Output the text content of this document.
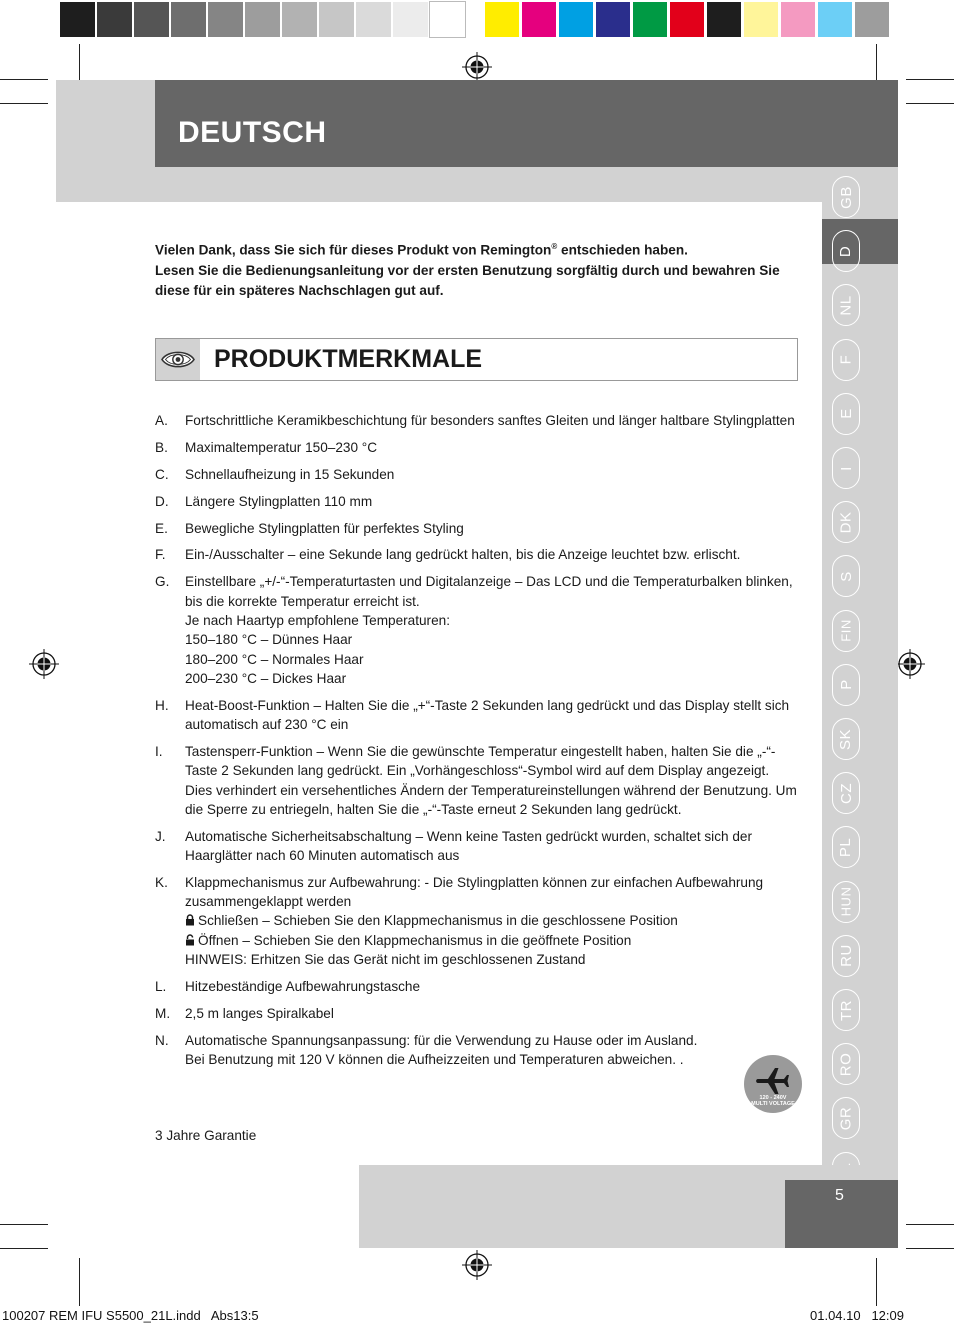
DEUTSCH
GB
D
NL
F
E
I
DK
S
FIN
P
SK
CZ
PL
HUN
RU
TR
RO
GR
AE
Vielen Dank, dass Sie sich für dieses Produkt von Remington® entschieden haben.
Lesen Sie die Bedienungsanleitung vor der ersten Benutzung sorgfältig durch und bewahren Sie diese für ein späteres Nachschlagen gut auf.
PRODUKTMERKMALE
A. Fortschrittliche Keramikbeschichtung für besonders sanftes Gleiten und länger haltbare Stylingplatten
B. Maximaltemperatur 150–230 °C
C. Schnellaufheizung in 15 Sekunden
D. Längere Stylingplatten 110 mm
E. Bewegliche Stylingplatten für perfektes Styling
F. Ein-/Ausschalter – eine Sekunde lang gedrückt halten, bis die Anzeige leuchtet bzw. erlischt.
G. Einstellbare „+/-“-Temperaturtasten und Digitalanzeige – Das LCD und die Temperaturbalken blinken, bis die korrekte Temperatur erreicht ist.
Je nach Haartyp empfohlene Temperaturen:
150–180 °C – Dünnes Haar
180–200 °C – Normales Haar
200–230 °C – Dickes Haar
H. Heat-Boost-Funktion – Halten Sie die „+“-Taste 2 Sekunden lang gedrückt und das Display stellt sich automatisch auf 230 °C ein
I. Tastensperr-Funktion – Wenn Sie die gewünschte Temperatur eingestellt haben, halten Sie die „-“-Taste 2 Sekunden lang gedrückt. Ein „Vorhängeschloss“-Symbol wird auf dem Display angezeigt. Dies verhindert ein versehentliches Ändern der Temperatureinstellungen während der Benutzung. Um die Sperre zu entriegeln, halten Sie die „-“-Taste erneut 2 Sekunden lang gedrückt.
J. Automatische Sicherheitsabschaltung – Wenn keine Tasten gedrückt wurden, schaltet sich der Haarglätter nach 60 Minuten automatisch aus
K. Klappmechanismus zur Aufbewahrung: - Die Stylingplatten können zur einfachen Aufbewahrung zusammengeklappt werden
Schließen – Schieben Sie den Klappmechanismus in die geschlossene Position
Öffnen – Schieben Sie den Klappmechanismus in die geöffnete Position
HINWEIS: Erhitzen Sie das Gerät nicht im geschlossenen Zustand
L. Hitzebeständige Aufbewahrungstasche
M. 2,5 m langes Spiralkabel
N. Automatische Spannungsanpassung: für die Verwendung zu Hause oder im Ausland.
Bei Benutzung mit 120 V können die Aufheizzeiten und Temperaturen abweichen. .
120 - 240V
MULTI VOLTAGE
3 Jahre Garantie
5
100207 REM IFU S5500_21L.indd   Abs13:5	01.04.10   12:09
